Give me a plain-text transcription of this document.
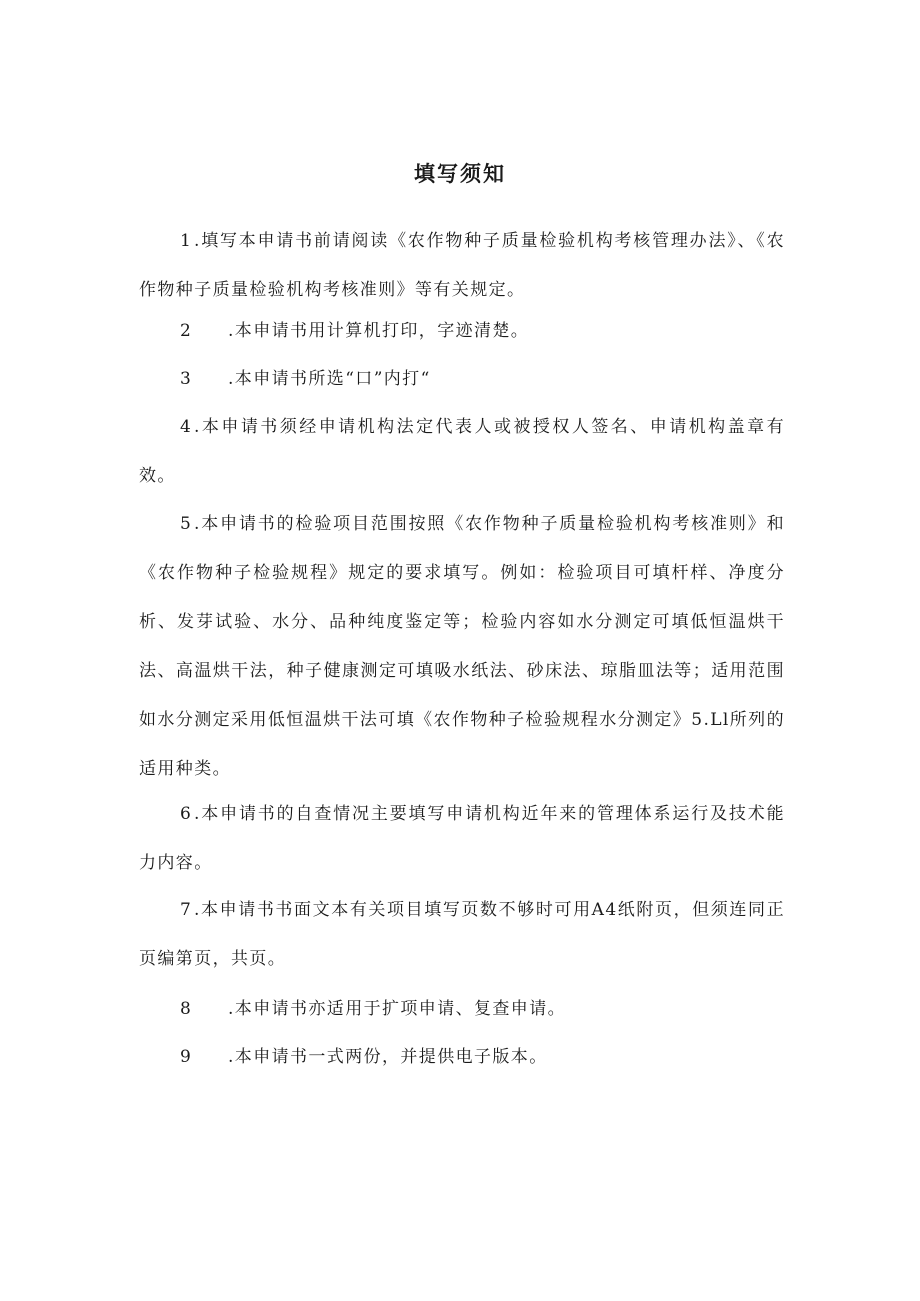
填写须知
1 .填写本申请书前请阅读《农作物种子质量检验机构考核管理办法》、《农作物种子质量检验机构考核准则》等有关规定。
2 .本申请书用计算机打印，字迹清楚。
3 .本申请书所选“口”内打“
4 .本申请书须经申请机构法定代表人或被授权人签名、申请机构盖章有效。
5 .本申请书的检验项目范围按照《农作物种子质量检验机构考核准则》和《农作物种子检验规程》规定的要求填写。例如：检验项目可填杆样、净度分析、发芽试验、水分、品种纯度鉴定等；检验内容如水分测定可填低恒温烘干法、高温烘干法，种子健康测定可填吸水纸法、砂床法、琼脂皿法等；适用范围如水分测定采用低恒温烘干法可填《农作物种子检验规程水分测定》5.Ll所列的适用种类。
6 .本申请书的自查情况主要填写申请机构近年来的管理体系运行及技术能力内容。
7 .本申请书书面文本有关项目填写页数不够时可用A4纸附页，但须连同正页编第页，共页。
8 .本申请书亦适用于扩项申请、复查申请。
9 .本申请书一式两份，并提供电子版本。
